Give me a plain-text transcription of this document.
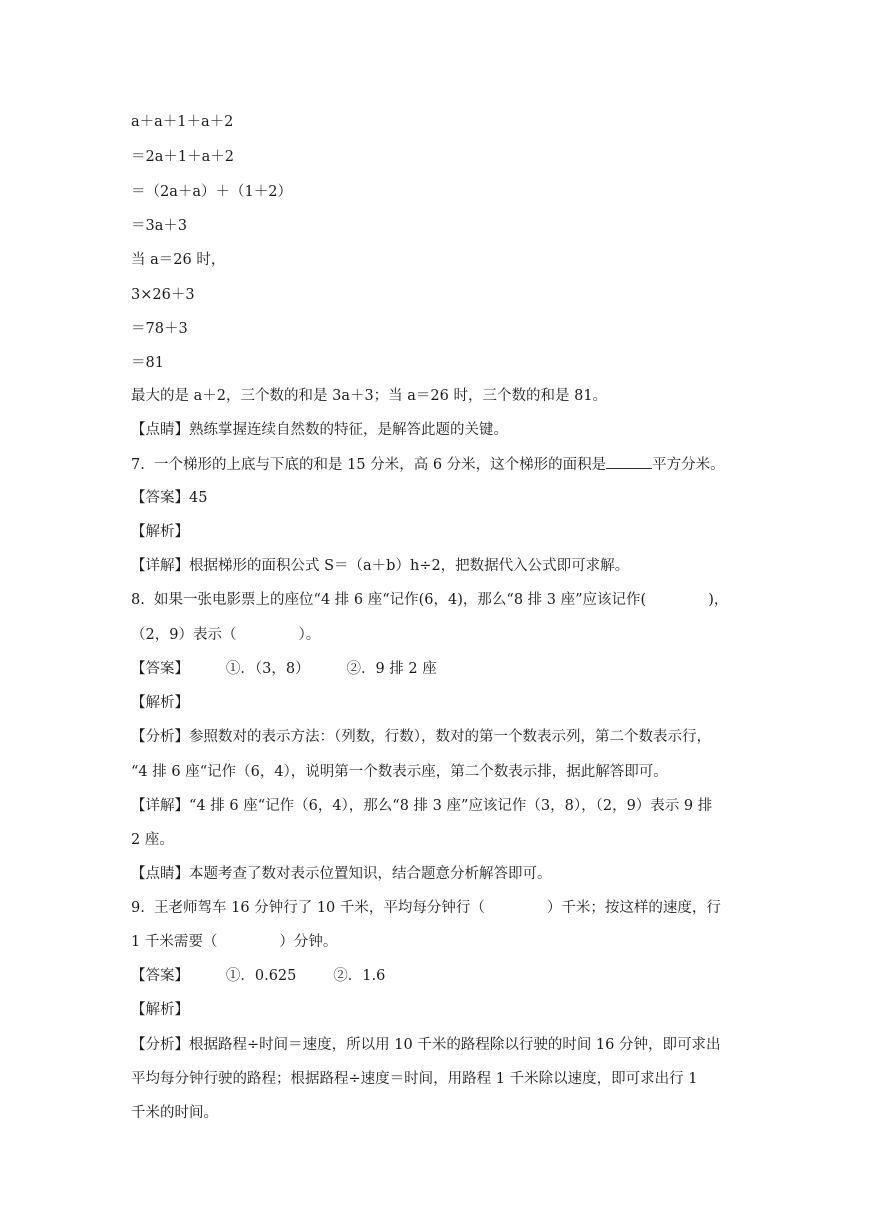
a＋a＋1＋a＋2
＝2a＋1＋a＋2
＝（2a＋a）＋（1＋2）
＝3a＋3
当 a＝26 时，
3×26＋3
＝78＋3
＝81
最大的是 a＋2，三个数的和是 3a＋3；当 a＝26 时，三个数的和是 81。
【点睛】熟练掌握连续自然数的特征，是解答此题的关键。
7.  一个梯形的上底与下底的和是 15 分米，高 6 分米，这个梯形的面积是	平方分米。
【答案】45
【解析】
【详解】根据梯形的面积公式 S＝（a＋b）h÷2，把数据代入公式即可求解。
8.  如果一张电影票上的座位“4 排 6 座“记作(6，4)，那么“8 排 3 座”应该记作(	)，
（2，9）表示（	）。
【答案】        ①．（3，8）        ②．9 排 2 座
【解析】
【分析】参照数对的表示方法：（列数，行数），数对的第一个数表示列，第二个数表示行，
“4 排 6 座“记作（6，4），说明第一个数表示座，第二个数表示排，据此解答即可。
【详解】“4 排 6 座“记作（6，4），那么“8 排 3 座”应该记作（3，8），（2，9）表示 9 排
2 座。
【点睛】本题考查了数对表示位置知识，结合题意分析解答即可。
9.  王老师驾车 16 分钟行了 10 千米，平均每分钟行（	）千米；按这样的速度，行
1 千米需要（	）分钟。
【答案】        ①．0.625        ②．1.6
【解析】
【分析】根据路程÷时间＝速度，所以用 10 千米的路程除以行驶的时间 16 分钟，即可求出
平均每分钟行驶的路程；根据路程÷速度＝时间，用路程 1 千米除以速度，即可求出行 1
千米的时间。
